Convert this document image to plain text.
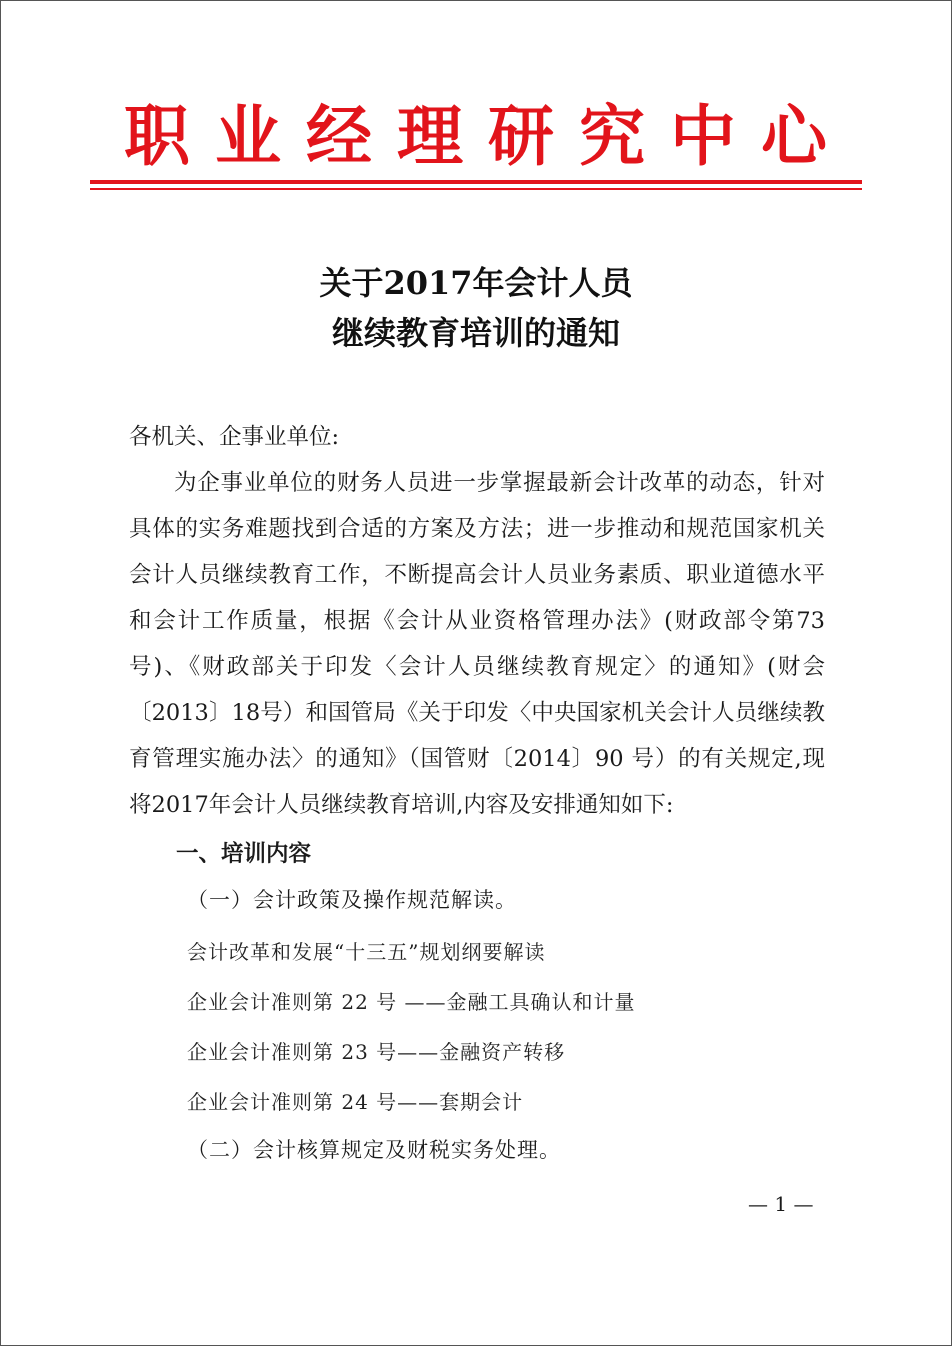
职业经理研究中心
关于2017年会计人员
继续教育培训的通知
各机关、企事业单位:
为企事业单位的财务人员进一步掌握最新会计改革的动态，针对具体的实务难题找到合适的方案及方法；进一步推动和规范国家机关会计人员继续教育工作，不断提高会计人员业务素质、职业道德水平和会计工作质量，根据《会计从业资格管理办法》(财政部令第73号)、《财政部关于印发〈会计人员继续教育规定〉的通知》(财会〔2013〕18号）和国管局《关于印发〈中央国家机关会计人员继续教育管理实施办法〉的通知》（国管财〔2014〕90 号）的有关规定,现将2017年会计人员继续教育培训,内容及安排通知如下:
一、培训内容
（一）会计政策及操作规范解读。
会计改革和发展“十三五”规划纲要解读
企业会计准则第 22 号 ——金融工具确认和计量
企业会计准则第 23 号——金融资产转移
企业会计准则第 24 号——套期会计
（二）会计核算规定及财税实务处理。
— 1 —
